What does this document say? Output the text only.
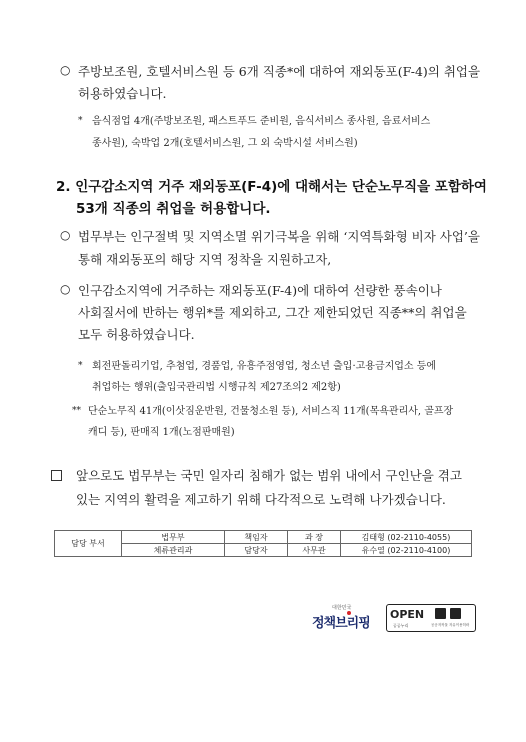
○ 주방보조원, 호텔서비스원 등 6개 직종*에 대하여 재외동포(F-4)의 취업을
허용하였습니다.
* 음식점업 4개(주방보조원, 패스트푸드 준비원, 음식서비스 종사원, 음료서비스
종사원), 숙박업 2개(호텔서비스원, 그 외 숙박시설 서비스원)
2. 인구감소지역 거주 재외동포(F-4)에 대해서는 단순노무직을 포함하여
53개 직종의 취업을 허용합니다.
○ 법무부는 인구절벽 및 지역소멸 위기극복을 위해 ‘지역특화형 비자 사업’을
통해 재외동포의 해당 지역 정착을 지원하고자,
○ 인구감소지역에 거주하는 재외동포(F-4)에 대하여 선량한 풍속이나
사회질서에 반하는 행위*를 제외하고, 그간 제한되었던 직종**의 취업을
모두 허용하였습니다.
* 회전판돌리기업, 추첨업, 경품업, 유흥주점영업, 청소년 출입·고용금지업소 등에
취업하는 행위(출입국관리법 시행규칙 제27조의2 제2항)
** 단순노무직 41개(이삿짐운반원, 건물청소원 등), 서비스직 11개(목욕관리사, 골프장
캐디 등), 판매직 1개(노점판매원)
앞으로도 법무부는 국민 일자리 침해가 없는 범위 내에서 구인난을 겪고
있는 지역의 활력을 제고하기 위해 다각적으로 노력해 나가겠습니다.
담당 부서	법무부	책임자	과 장	김태형 (02-2110-4055)
	체류관리과	담당자	사무관	유수열 (02-2110-4100)
대한민국
정책브리핑
OPEN
공공누리	공공저작물 자유이용허락
